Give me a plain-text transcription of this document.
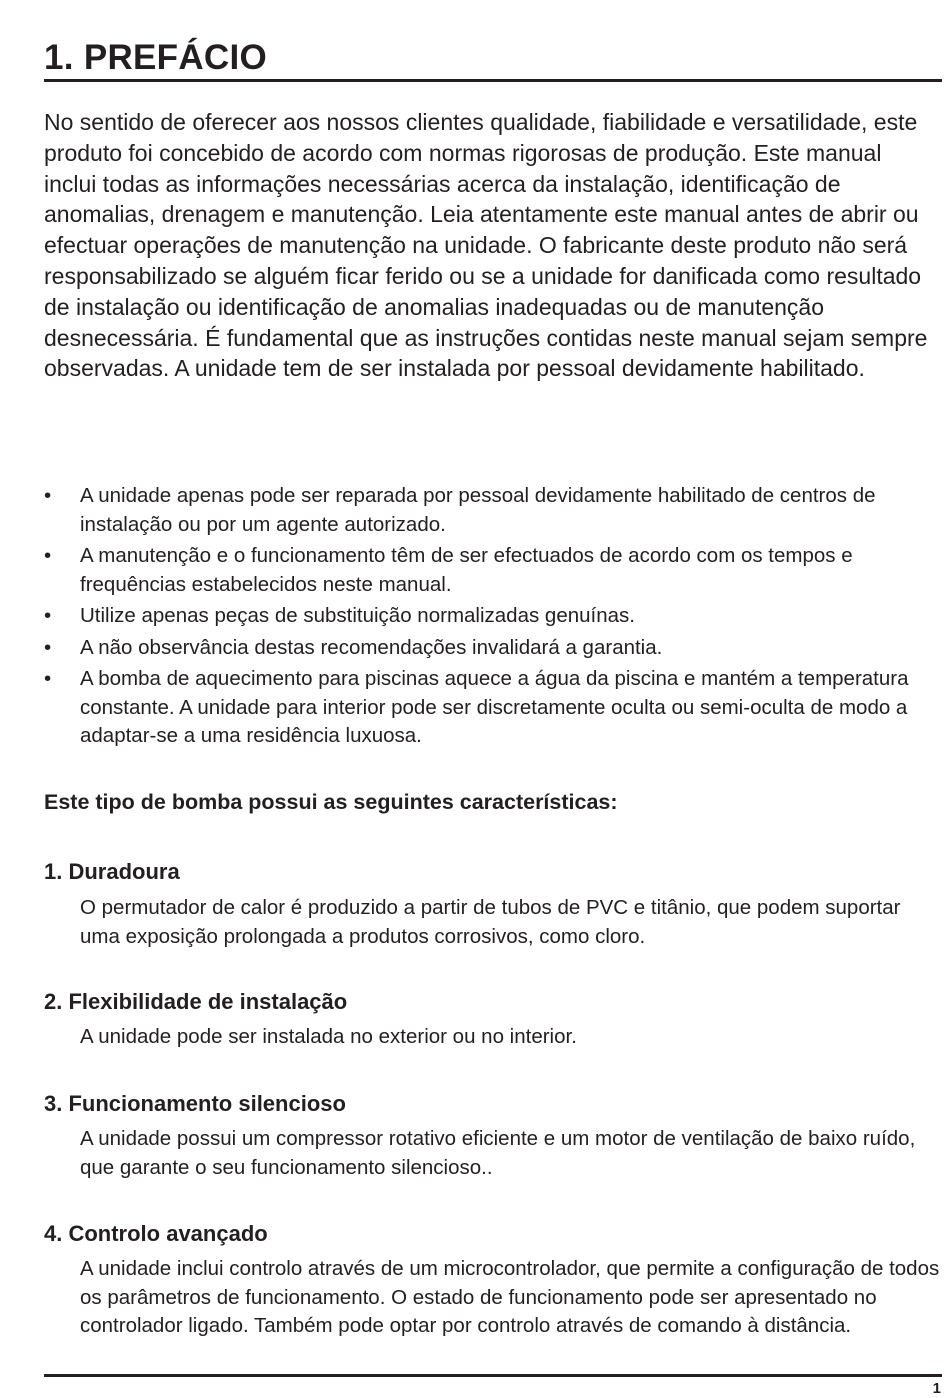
1. PREFÁCIO

No sentido de oferecer aos nossos clientes qualidade, fiabilidade e versatilidade, este produto foi concebido de acordo com normas rigorosas de produção. Este manual inclui todas as informações necessárias acerca da instalação, identificação de anomalias, drenagem e manutenção. Leia atentamente este manual antes de abrir ou efectuar operações de manutenção na unidade. O fabricante deste produto não será responsabilizado se alguém ficar ferido ou se a unidade for danificada como resultado de instalação ou identificação de anomalias inadequadas ou de manutenção desnecessária. É fundamental que as instruções contidas neste manual sejam sempre observadas. A unidade tem de ser instalada por pessoal devidamente habilitado.

• A unidade apenas pode ser reparada por pessoal devidamente habilitado de centros de instalação ou por um agente autorizado.
• A manutenção e o funcionamento têm de ser efectuados de acordo com os tempos e frequências estabelecidos neste manual.
• Utilize apenas peças de substituição normalizadas genuínas.
• A não observância destas recomendações invalidará a garantia.
• A bomba de aquecimento para piscinas aquece a água da piscina e mantém a temperatura constante. A unidade para interior pode ser discretamente oculta ou semi-oculta de modo a adaptar-se a uma residência luxuosa.
Este tipo de bomba possui as seguintes características:
1. Duradoura

O permutador de calor é produzido a partir de tubos de PVC e titânio, que podem suportar uma exposição prolongada a produtos corrosivos, como cloro.

2. Flexibilidade de instalação

A unidade pode ser instalada no exterior ou no interior.

3. Funcionamento silencioso

A unidade possui um compressor rotativo eficiente e um motor de ventilação de baixo ruído, que garante o seu funcionamento silencioso..

4. Controlo avançado

A unidade inclui controlo através de um microcontrolador, que permite a configuração de todos os parâmetros de funcionamento. O estado de funcionamento pode ser apresentado no controlador ligado. Também pode optar por controlo através de comando à distância.

1
